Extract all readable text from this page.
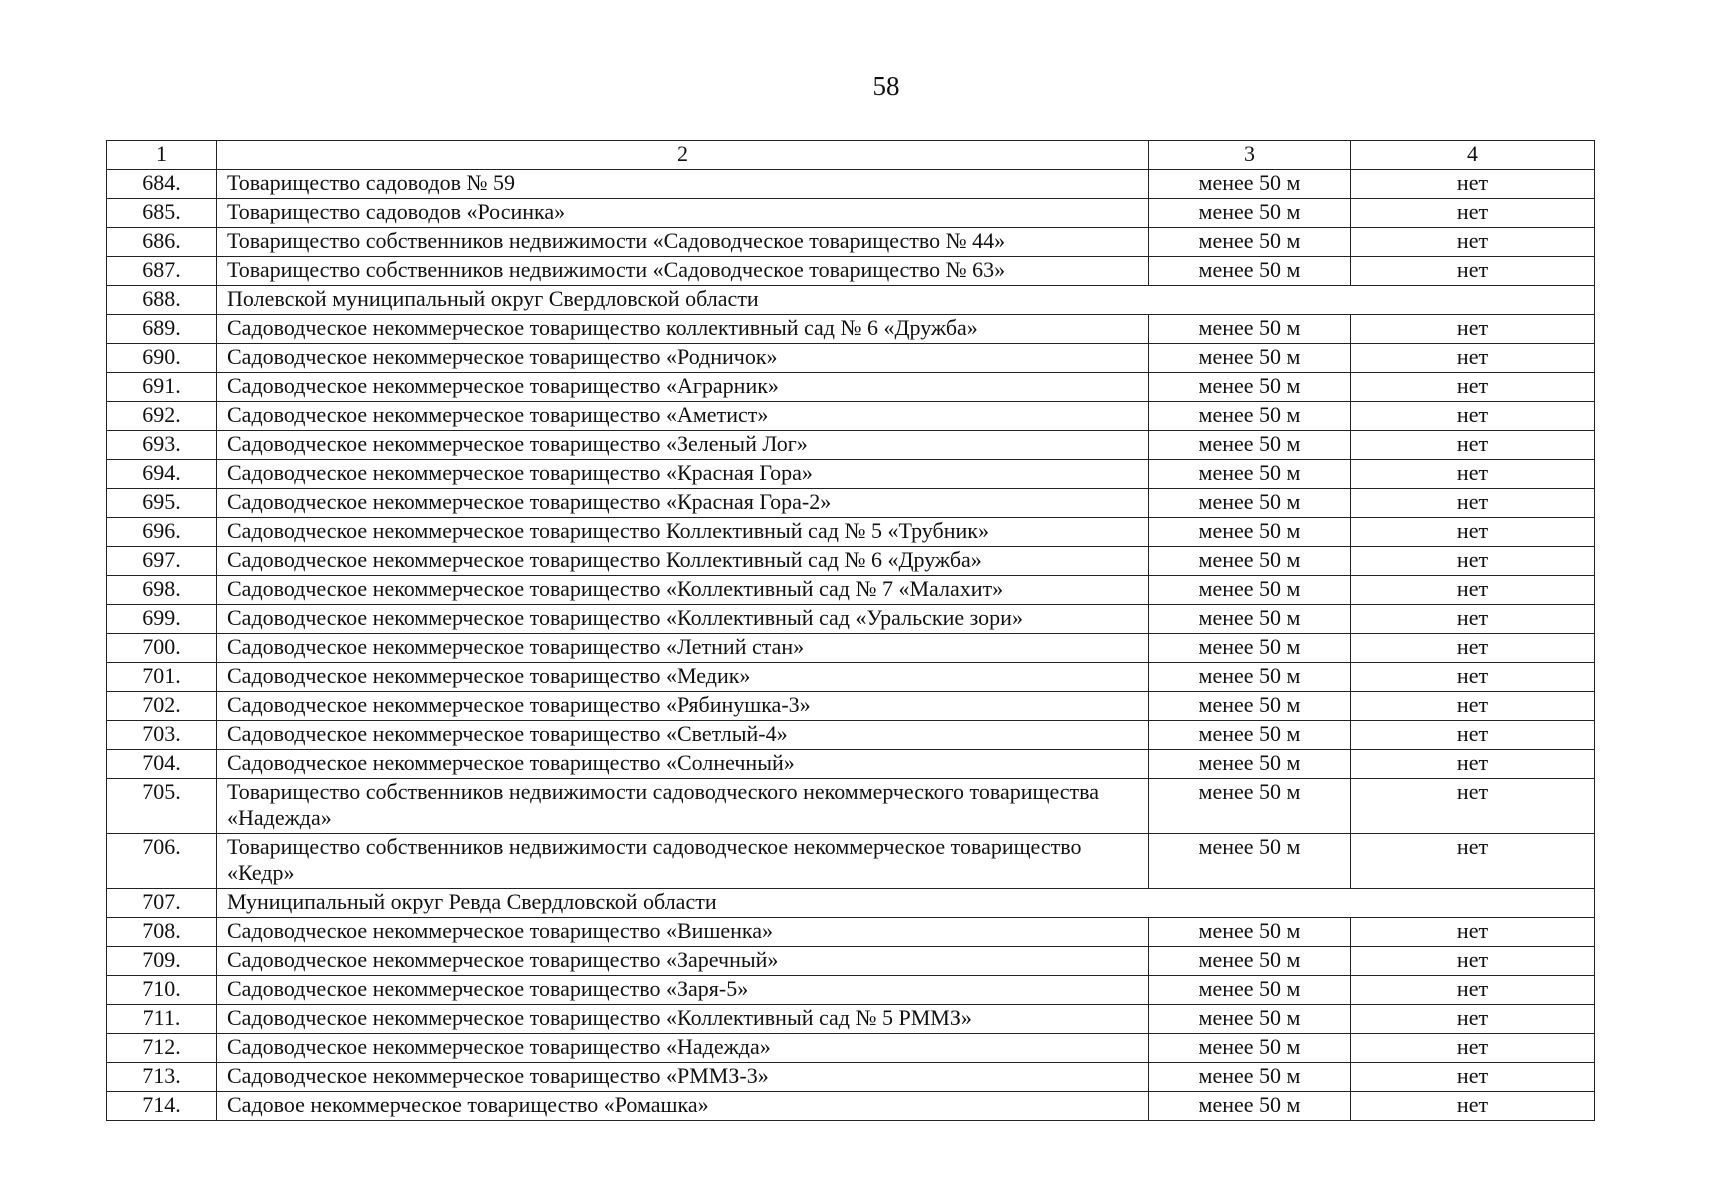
58
1	2	3	4
684.	Товарищество садоводов № 59	менее 50 м	нет
685.	Товарищество садоводов «Росинка»	менее 50 м	нет
686.	Товарищество собственников недвижимости «Садоводческое товарищество № 44»	менее 50 м	нет
687.	Товарищество собственников недвижимости «Садоводческое товарищество № 63»	менее 50 м	нет
688.	Полевской муниципальный округ Свердловской области		
689.	Садоводческое некоммерческое товарищество коллективный сад № 6 «Дружба»	менее 50 м	нет
690.	Садоводческое некоммерческое товарищество «Родничок»	менее 50 м	нет
691.	Садоводческое некоммерческое товарищество «Аграрник»	менее 50 м	нет
692.	Садоводческое некоммерческое товарищество «Аметист»	менее 50 м	нет
693.	Садоводческое некоммерческое товарищество «Зеленый Лог»	менее 50 м	нет
694.	Садоводческое некоммерческое товарищество «Красная Гора»	менее 50 м	нет
695.	Садоводческое некоммерческое товарищество «Красная Гора-2»	менее 50 м	нет
696.	Садоводческое некоммерческое товарищество Коллективный сад № 5 «Трубник»	менее 50 м	нет
697.	Садоводческое некоммерческое товарищество Коллективный сад № 6 «Дружба»	менее 50 м	нет
698.	Садоводческое некоммерческое товарищество «Коллективный сад № 7 «Малахит»	менее 50 м	нет
699.	Садоводческое некоммерческое товарищество «Коллективный сад «Уральские зори»	менее 50 м	нет
700.	Садоводческое некоммерческое товарищество «Летний стан»	менее 50 м	нет
701.	Садоводческое некоммерческое товарищество «Медик»	менее 50 м	нет
702.	Садоводческое некоммерческое товарищество «Рябинушка-3»	менее 50 м	нет
703.	Садоводческое некоммерческое товарищество «Светлый-4»	менее 50 м	нет
704.	Садоводческое некоммерческое товарищество «Солнечный»	менее 50 м	нет
705.	Товарищество собственников недвижимости садоводческого некоммерческого товарищества «Надежда»	менее 50 м	нет
706.	Товарищество собственников недвижимости садоводческое некоммерческое товарищество «Кедр»	менее 50 м	нет
707.	Муниципальный округ Ревда Свердловской области		
708.	Садоводческое некоммерческое товарищество «Вишенка»	менее 50 м	нет
709.	Садоводческое некоммерческое товарищество «Заречный»	менее 50 м	нет
710.	Садоводческое некоммерческое товарищество «Заря-5»	менее 50 м	нет
711.	Садоводческое некоммерческое товарищество «Коллективный сад № 5 РММЗ»	менее 50 м	нет
712.	Садоводческое некоммерческое товарищество «Надежда»	менее 50 м	нет
713.	Садоводческое некоммерческое товарищество «РММЗ-3»	менее 50 м	нет
714.	Садовое некоммерческое товарищество «Ромашка»	менее 50 м	нет
